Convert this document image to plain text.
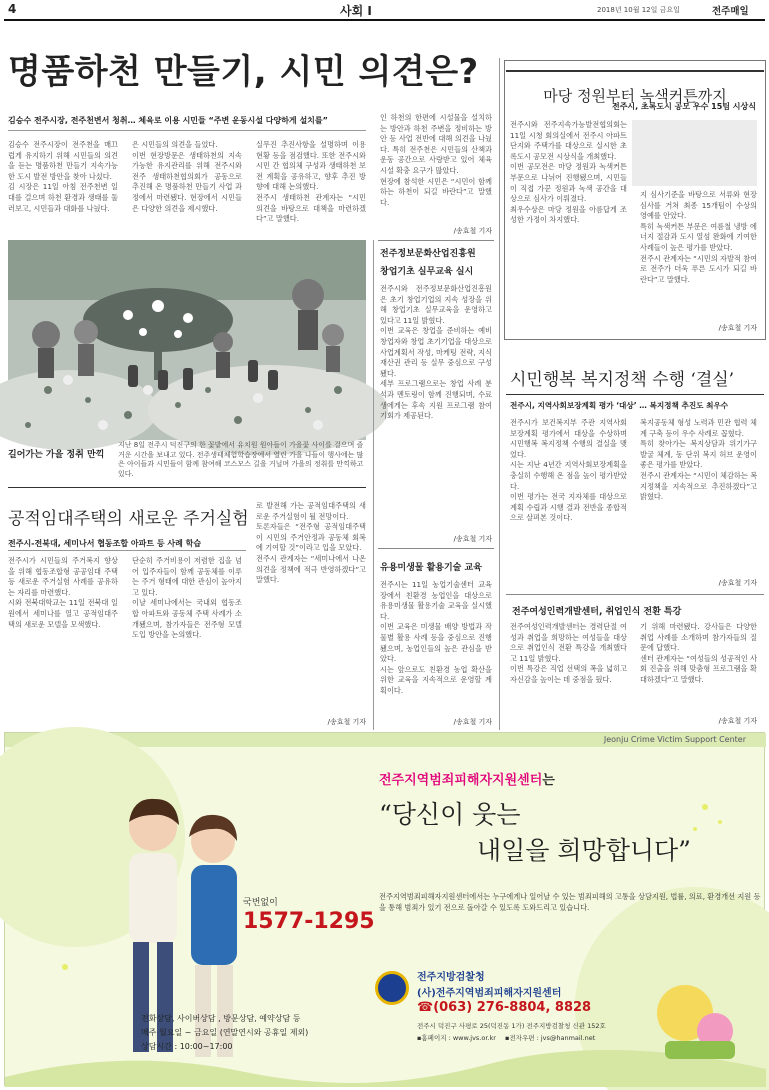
4	사회 Ⅰ	2018년 10월 12일 금요일	전주매일
명품하천 만들기, 시민 의견은?
김승수 전주시장, 전주천변서 청취… 체육로 이용 시민들 “주변 운동시설 다양하게 설치를”
김승수 전주시장이 전주천을 매끄럽게 유지하기 위해 시민들의 의견을 듣는 명품하천 만들기 지속가능한 도시 발전 방안을 찾아 나섰다.
김 시장은 11일 아침 전주천변 일대를 걸으며 하천 환경과 생태를 둘러보고, 시민들과 대화를 나눴다.
은 시민들의 의견을 들었다.
이번 현장방문은 생태하천의 지속가능한 유지관리를 위해 전주시와 전주 생태하천협의회가 공동으로 추진해 온 명품하천 만들기 사업 과정에서 마련됐다. 현장에서 시민들은 다양한 의견을 제시했다.
실무진 추진사항을 설명하며 이용현황 등을 점검했다. 또한 전주시와 시민 간 협의체 구성과 생태하천 보전 계획을 공유하고, 향후 추진 방향에 대해 논의했다.
전주시 생태하천 관계자는 “시민 의견을 바탕으로 대책을 마련하겠다”고 말했다.
인 하천의 한편에 시설물을 설치하는 방안과 하천 주변을 정비하는 방안 등 사업 전반에 대해 의견을 나눴다. 특히 전주천은 시민들의 산책과 운동 공간으로 사랑받고 있어 체육시설 확충 요구가 많았다.
현장에 참석한 시민은 “시민이 함께하는 하천이 되길 바란다”고 말했다.
/송효철 기자
길어가는 가을 정취 만끽
지난 8일 전주시 덕진구의 한 꽃밭에서 유치원 원아들이 가을꽃 사이를 걸으며 즐거운 시간을 보내고 있다. 전주생태체험학습장에서 열린 가을 나들이 행사에는 많은 아이들과 시민들이 함께 참여해 코스모스 길을 거닐며 가을의 정취를 만끽하고 있다.
마당 정원부터 녹색커튼까지
전주시, 초록도시 공모 우수 15팀 시상식
전주시와 전주지속가능발전협의회는 11일 시청 회의실에서 전주시 아파트 단지와 주택가를 대상으로 실시한 초록도시 공모전 시상식을 개최했다.
이번 공모전은 마당 정원과 녹색커튼 부문으로 나뉘어 진행됐으며, 시민들이 직접 가꾼 정원과 녹색 공간을 대상으로 심사가 이뤄졌다.
최우수상은 마당 정원을 아름답게 조성한 가정이 차지했다.
지 심사기준을 바탕으로 서류와 현장심사를 거쳐 최종 15개팀이 수상의 영예를 안았다.
특히 녹색커튼 부문은 여름철 냉방 에너지 절감과 도시 열섬 완화에 기여한 사례들이 높은 평가를 받았다.
전주시 관계자는 “시민의 자발적 참여로 전주가 더욱 푸른 도시가 되길 바란다”고 말했다.
/송효철 기자
전주정보문화산업진흥원
창업기초 실무교육 실시
전주시와 전주정보문화산업진흥원은 초기 창업기업의 지속 성장을 위해 창업기초 실무교육을 운영하고 있다고 11일 밝혔다.
이번 교육은 창업을 준비하는 예비 창업자와 창업 초기기업을 대상으로 사업계획서 작성, 마케팅 전략, 지식재산권 관리 등 실무 중심으로 구성됐다.
세부 프로그램으로는 창업 사례 분석과 멘토링이 함께 진행되며, 수료생에게는 후속 지원 프로그램 참여 기회가 제공된다.
/송효철 기자
유용미생물 활용기술 교육
전주시는 11일 농업기술센터 교육장에서 친환경 농업인을 대상으로 유용미생물 활용기술 교육을 실시했다.
이번 교육은 미생물 배양 방법과 작물별 활용 사례 등을 중심으로 진행됐으며, 농업인들의 높은 관심을 받았다.
시는 앞으로도 친환경 농업 확산을 위한 교육을 지속적으로 운영할 계획이다.
/송효철 기자
시민행복 복지정책 수행 ‘결실’
전주시, 지역사회보장계획 평가 ‘대상’ … 복지정책 추진도 최우수
전주시가 보건복지부 주관 지역사회보장계획 평가에서 대상을 수상하며 시민행복 복지정책 수행의 결실을 맺었다.
시는 지난 4년간 지역사회보장계획을 충실히 수행해 온 점을 높이 평가받았다.
이번 평가는 전국 지자체를 대상으로 계획 수립과 시행 결과 전반을 종합적으로 살펴본 것이다.
복지공동체 형성 노력과 민관 협력 체계 구축 등이 우수 사례로 꼽혔다.
특히 찾아가는 복지상담과 위기가구 발굴 체계, 동 단위 복지 허브 운영이 좋은 평가를 받았다.
전주시 관계자는 “시민이 체감하는 복지정책을 지속적으로 추진하겠다”고 밝혔다.
/송효철 기자
전주여성인력개발센터, 취업인식 전환 특강
전주여성인력개발센터는 경력단절 여성과 취업을 희망하는 여성들을 대상으로 취업인식 전환 특강을 개최했다고 11일 밝혔다.
이번 특강은 직업 선택의 폭을 넓히고 자신감을 높이는 데 중점을 뒀다.
기 위해 마련됐다. 강사들은 다양한 취업 사례를 소개하며 참가자들의 질문에 답했다.
센터 관계자는 “여성들의 성공적인 사회 진출을 위해 맞춤형 프로그램을 확대하겠다”고 말했다.
/송효철 기자
공적임대주택의 새로운 주거실험
전주시-전북대, 세미나서 협동조합 아파트 등 사례 학습
전주시가 시민들의 주거복지 향상을 위해 협동조합형 공공임대 주택 등 새로운 주거실험 사례를 공유하는 자리를 마련했다.
시와 전북대학교는 11일 전북대 일원에서 세미나를 열고 공적임대주택의 새로운 모델을 모색했다.
단순히 주거비용이 저렴한 집을 넘어 입주자들이 함께 공동체를 이루는 주거 형태에 대한 관심이 높아지고 있다.
이날 세미나에서는 국내외 협동조합 아파트와 공동체 주택 사례가 소개됐으며, 참가자들은 전주형 모델 도입 방안을 논의했다.
로 발전해 가는 공적임대주택의 새로운 주거실험이 될 전망이다.
토론자들은 “전주형 공적임대주택이 시민의 주거안정과 공동체 회복에 기여할 것”이라고 입을 모았다.
전주시 관계자는 “세미나에서 나온 의견을 정책에 적극 반영하겠다”고 말했다.
/송효철 기자
Jeonju Crime Victim Support Center
전주지역범죄피해자지원센터는
“당신이 웃는
내일을 희망합니다”
전주지역범죄피해자지원센터에서는 누구에게나 일어날 수 있는 범죄피해의 고통을 상담지원, 법률, 의료, 환경개선 지원 등을 통해 범죄가 있기 전으로 돌아갈 수 있도록 도와드리고 있습니다.
국번없이
1577-1295
전화상담, 사이버상담 , 방문상담, 예약상담 등
매주 월요일 ~ 금요일 (연말연시와 공휴일 제외)
상담시간 : 10:00~17:00
전주지방검찰청
(사)전주지역범죄피해자지원센터
☎(063) 276-8804, 8828
전주시 덕진구 사평로 25(덕진동 1가) 전주지방검찰청 신관 152호
▪홈페이지 : www.jvs.or.kr ▪전자우편 : jvs@hanmail.net
